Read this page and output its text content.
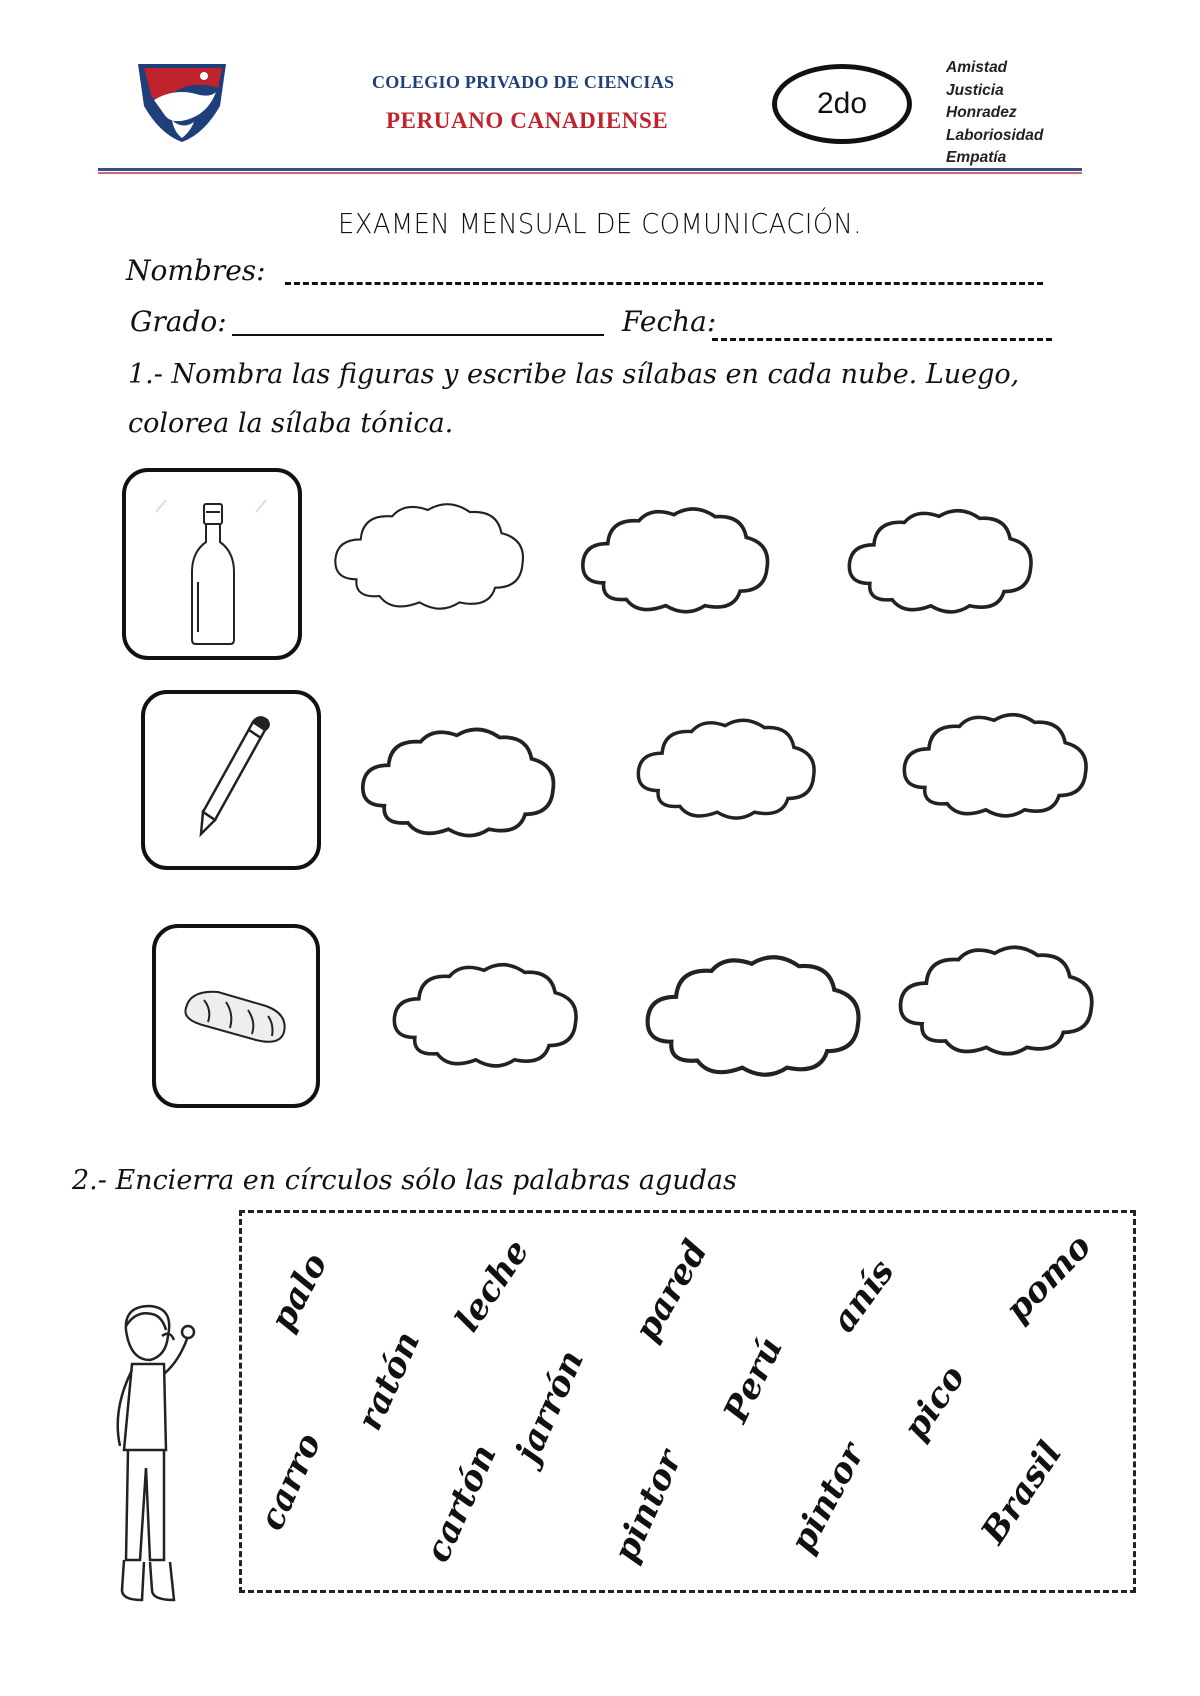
COLEGIO PRIVADO DE CIENCIAS
PERUANO CANADIENSE
2do
Amistad
Justicia
Honradez
Laboriosidad
Empatía
EXAMEN MENSUAL DE COMUNICACIÓN.
Nombres:
Grado:	Fecha:
1.- Nombra las figuras y escribe las sílabas en cada nube. Luego,
colorea la sílaba tónica.
2.- Encierra en círculos sólo las palabras agudas
palo	leche	pared	anís	pomo
ratón jarrón	Perú	pico
carro	cartón	pintor	pintor	Brasil
